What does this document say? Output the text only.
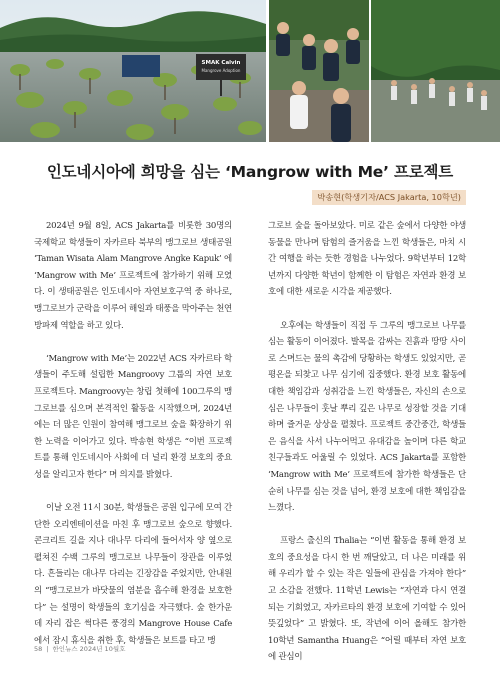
SMAK Calvin
Mangrove Adoption
인도네시아에 희망을 심는 ‘Mangrow with Me’ 프로젝트
박송현(학생기자/ACS Jakarta, 10학년)

2024년 9월 8일, ACS Jakarta를 비롯한 30명의 국제학교 학생들이 자카르타 북부의 맹그로브 생태공원 ‘Taman Wisata Alam Mangrove Angke Kapuk’ 에 ‘Mangrow with Me’ 프로젝트에 참가하기 위해 모였다. 이 생태공원은 인도네시아 자연보호구역 중 하나로, 맹그로브가 군락을 이루어 해일과 태풍을 막아주는 천연 방파제 역할을 하고 있다.

‘Mangrow with Me’는 2022년 ACS 자카르타 학생들이 주도해 설립한 Mangroovy 그룹의 자연 보호 프로젝트다. Mangroovy는 창립 첫해에 100그루의 맹그로브를 심으며 본격적인 활동을 시작했으며, 2024년에는 더 많은 인원이 참여해 맹그로브 숲을 확장하기 위한 노력을 이어가고 있다. 박송현 학생은 “이번 프로젝트를 통해 인도네시아 사회에 더 널리 환경 보호의 중요성을 알리고자 한다” 며 의지를 밝혔다.

이날 오전 11시 30분, 학생들은 공원 입구에 모여 간단한 오리엔테이션을 마친 후 맹그로브 숲으로 향했다. 콘크리트 길을 지나 대나무 다리에 들어서자 양 옆으로 펼쳐진 수백 그루의 맹그로브 나무들이 장관을 이루었다. 흔들리는 대나무 다리는 긴장감을 주었지만, 안내원의 “맹그로브가 바닷물의 염분을 흡수해 환경을 보호한다” 는 설명이 학생들의 호기심을 자극했다. 숲 한가운데 자리 잡은 썩다른 풍경의 Mangrove House Cafe에서 잠시 휴식을 취한 후, 학생들은 보트를 타고 맹

그로브 숲을 돌아보았다. 미로 같은 숲에서 다양한 야생동물을 만나며 탐험의 즐거움을 느낀 학생들은, 마치 시간 여행을 하는 듯한 경험을 나누었다. 9학년부터 12학년까지 다양한 학년이 함께한 이 탐험은 자연과 환경 보호에 대한 새로운 시각을 제공했다.

오후에는 학생들이 직접 두 그루의 맹그로브 나무를 심는 활동이 이어졌다. 발목을 감싸는 진흙과 땅땅 사이로 스며드는 물의 촉감에 당황하는 학생도 있었지만, 곧 평온을 되찾고 나무 심기에 집중했다. 환경 보호 활동에 대한 책임감과 성취감을 느낀 학생들은, 자신의 손으로 심은 나무들이 훗날 뿌리 깊은 나무로 성장할 것을 기대하며 즐거운 상상을 펼쳤다. 프로젝트 중간중간, 학생들은 음식을 사서 나누어먹고 유대감을 높이며 다른 학교 친구들과도 어울릴 수 있었다. ACS Jakarta를 포함한 ‘Mangrow with Me’ 프로젝트에 참가한 학생들은 단순히 나무를 심는 것을 넘어, 환경 보호에 대한 책임감을 느꼈다.

프랑스 출신의 Thalia는 “이번 활동을 통해 환경 보호의 중요성을 다시 한 번 깨달았고, 더 나은 미래를 위해 우리가 할 수 있는 작은 일들에 관심을 가져야 한다” 고 소감을 전했다. 11학년 Lewis는 “자연과 다시 연결되는 기회였고, 자카르타의 환경 보호에 기여할 수 있어 뜻깊었다” 고 밝혔다. 또, 작년에 이어 올해도 참가한 10학년 Samantha Huang은 “어릴 때부터 자연 보호에 관심이

58 | 한인뉴스 2024년 10월호
